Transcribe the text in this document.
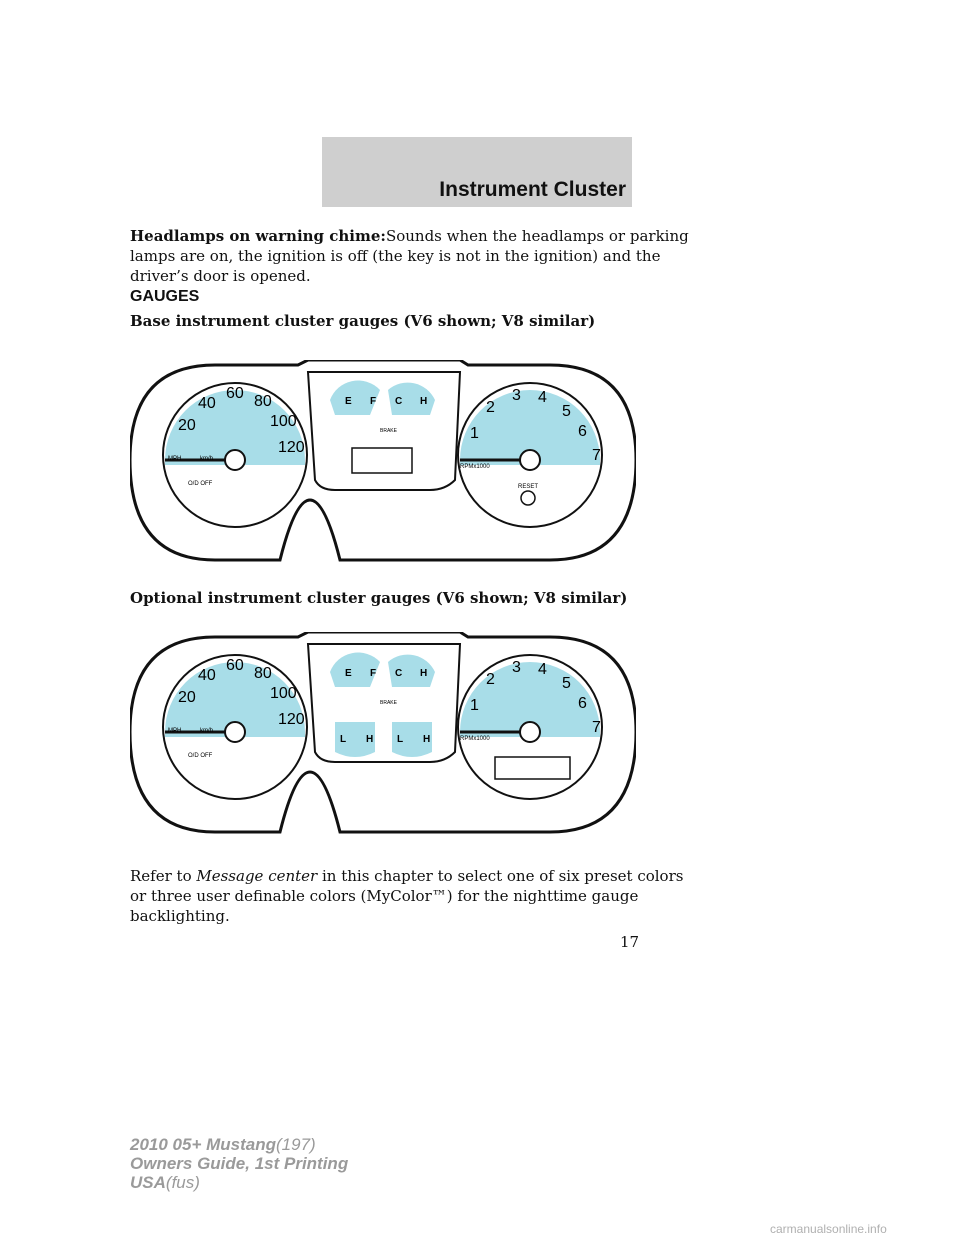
Instrument Cluster
Headlamps on warning chime:Sounds when the headlamps or parking
lamps are on, the ignition is off (the key is not in the ignition) and the
driver’s door is opened.
GAUGES
Base instrument cluster gauges (V6 shown; V8 similar)
20
40
60 80
100
120
MPH	km/h
O/D OFF
E F C H
BRAKE	1
2
3 4
5
6
7
RPMx1000
RESET
Optional instrument cluster gauges (V6 shown; V8 similar)
20
40
60 80
100
120
MPH	km/h
O/D OFF
E F C H
BRAKE
L H L H
1
2
3 4
5
6
7
RPMx1000
Refer to Message center in this chapter to select one of six preset colors
or three user definable colors (MyColor™) for the nighttime gauge
backlighting.
17
2010 05+ Mustang(197)
Owners Guide, 1st Printing
USA(fus)
carmanualsonline.info
